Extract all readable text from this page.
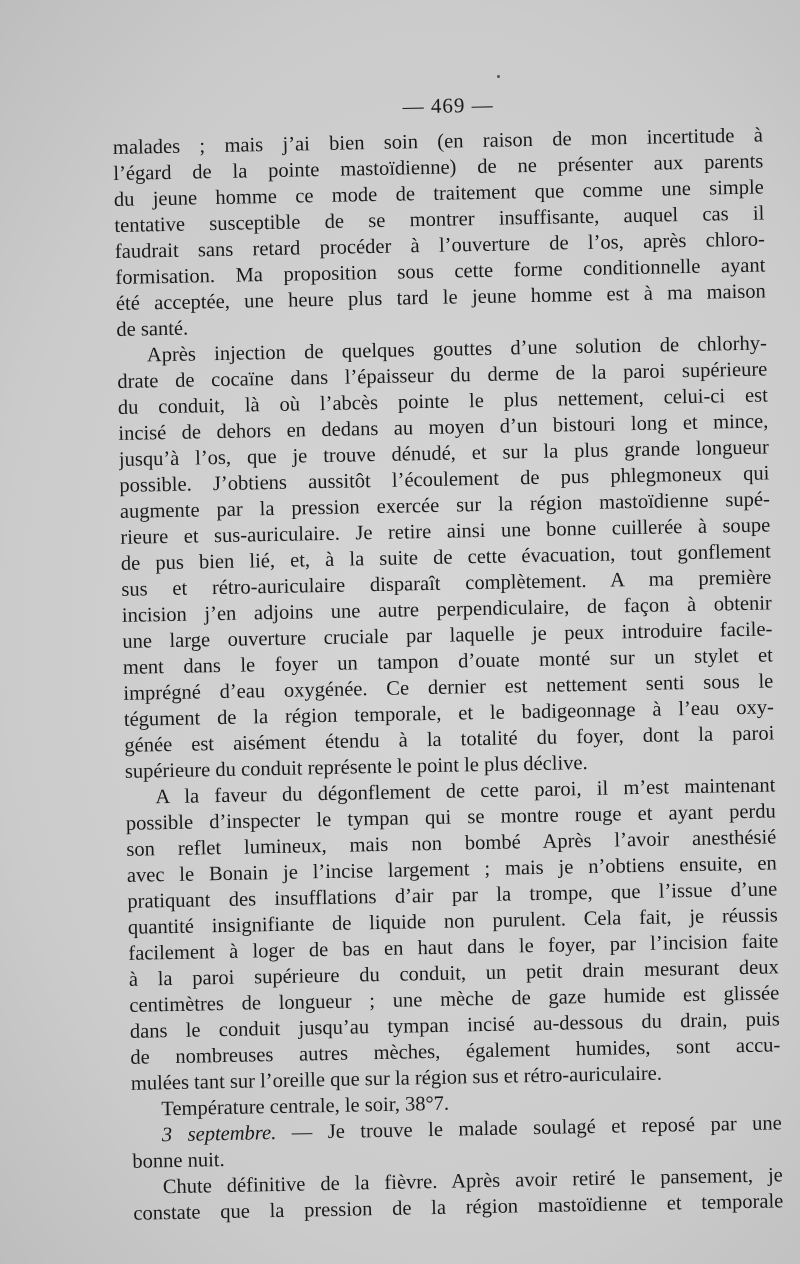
— 469 —
malades ; mais j’ai bien soin (en raison de mon incertitude à
l’égard de la pointe mastoïdienne) de ne présenter aux parents
du jeune homme ce mode de traitement que comme une simple
tentative susceptible de se montrer insuffisante, auquel cas il
faudrait sans retard procéder à l’ouverture de l’os, après chloro-
formisation. Ma proposition sous cette forme conditionnelle ayant
été acceptée, une heure plus tard le jeune homme est à ma maison
de santé.
Après injection de quelques gouttes d’une solution de chlorhy-
drate de cocaïne dans l’épaisseur du derme de la paroi supérieure
du conduit, là où l’abcès pointe le plus nettement, celui-ci est
incisé de dehors en dedans au moyen d’un bistouri long et mince,
jusqu’à l’os, que je trouve dénudé, et sur la plus grande longueur
possible. J’obtiens aussitôt l’écoulement de pus phlegmoneux qui
augmente par la pression exercée sur la région mastoïdienne supé-
rieure et sus-auriculaire. Je retire ainsi une bonne cuillerée à soupe
de pus bien lié, et, à la suite de cette évacuation, tout gonflement
sus et rétro-auriculaire disparaît complètement. A ma première
incision j’en adjoins une autre perpendiculaire, de façon à obtenir
une large ouverture cruciale par laquelle je peux introduire facile-
ment dans le foyer un tampon d’ouate monté sur un stylet et
imprégné d’eau oxygénée. Ce dernier est nettement senti sous le
tégument de la région temporale, et le badigeonnage à l’eau oxy-
génée est aisément étendu à la totalité du foyer, dont la paroi
supérieure du conduit représente le point le plus déclive.
A la faveur du dégonflement de cette paroi, il m’est maintenant
possible d’inspecter le tympan qui se montre rouge et ayant perdu
son reflet lumineux, mais non bombé Après l’avoir anesthésié
avec le Bonain je l’incise largement ; mais je n’obtiens ensuite, en
pratiquant des insufflations d’air par la trompe, que l’issue d’une
quantité insignifiante de liquide non purulent. Cela fait, je réussis
facilement à loger de bas en haut dans le foyer, par l’incision faite
à la paroi supérieure du conduit, un petit drain mesurant deux
centimètres de longueur ; une mèche de gaze humide est glissée
dans le conduit jusqu’au tympan incisé au-dessous du drain, puis
de nombreuses autres mèches, également humides, sont accu-
mulées tant sur l’oreille que sur la région sus et rétro-auriculaire.
Température centrale, le soir, 38°7.
3 septembre. — Je trouve le malade soulagé et reposé par une
bonne nuit.
Chute définitive de la fièvre. Après avoir retiré le pansement, je
constate que la pression de la région mastoïdienne et temporale
